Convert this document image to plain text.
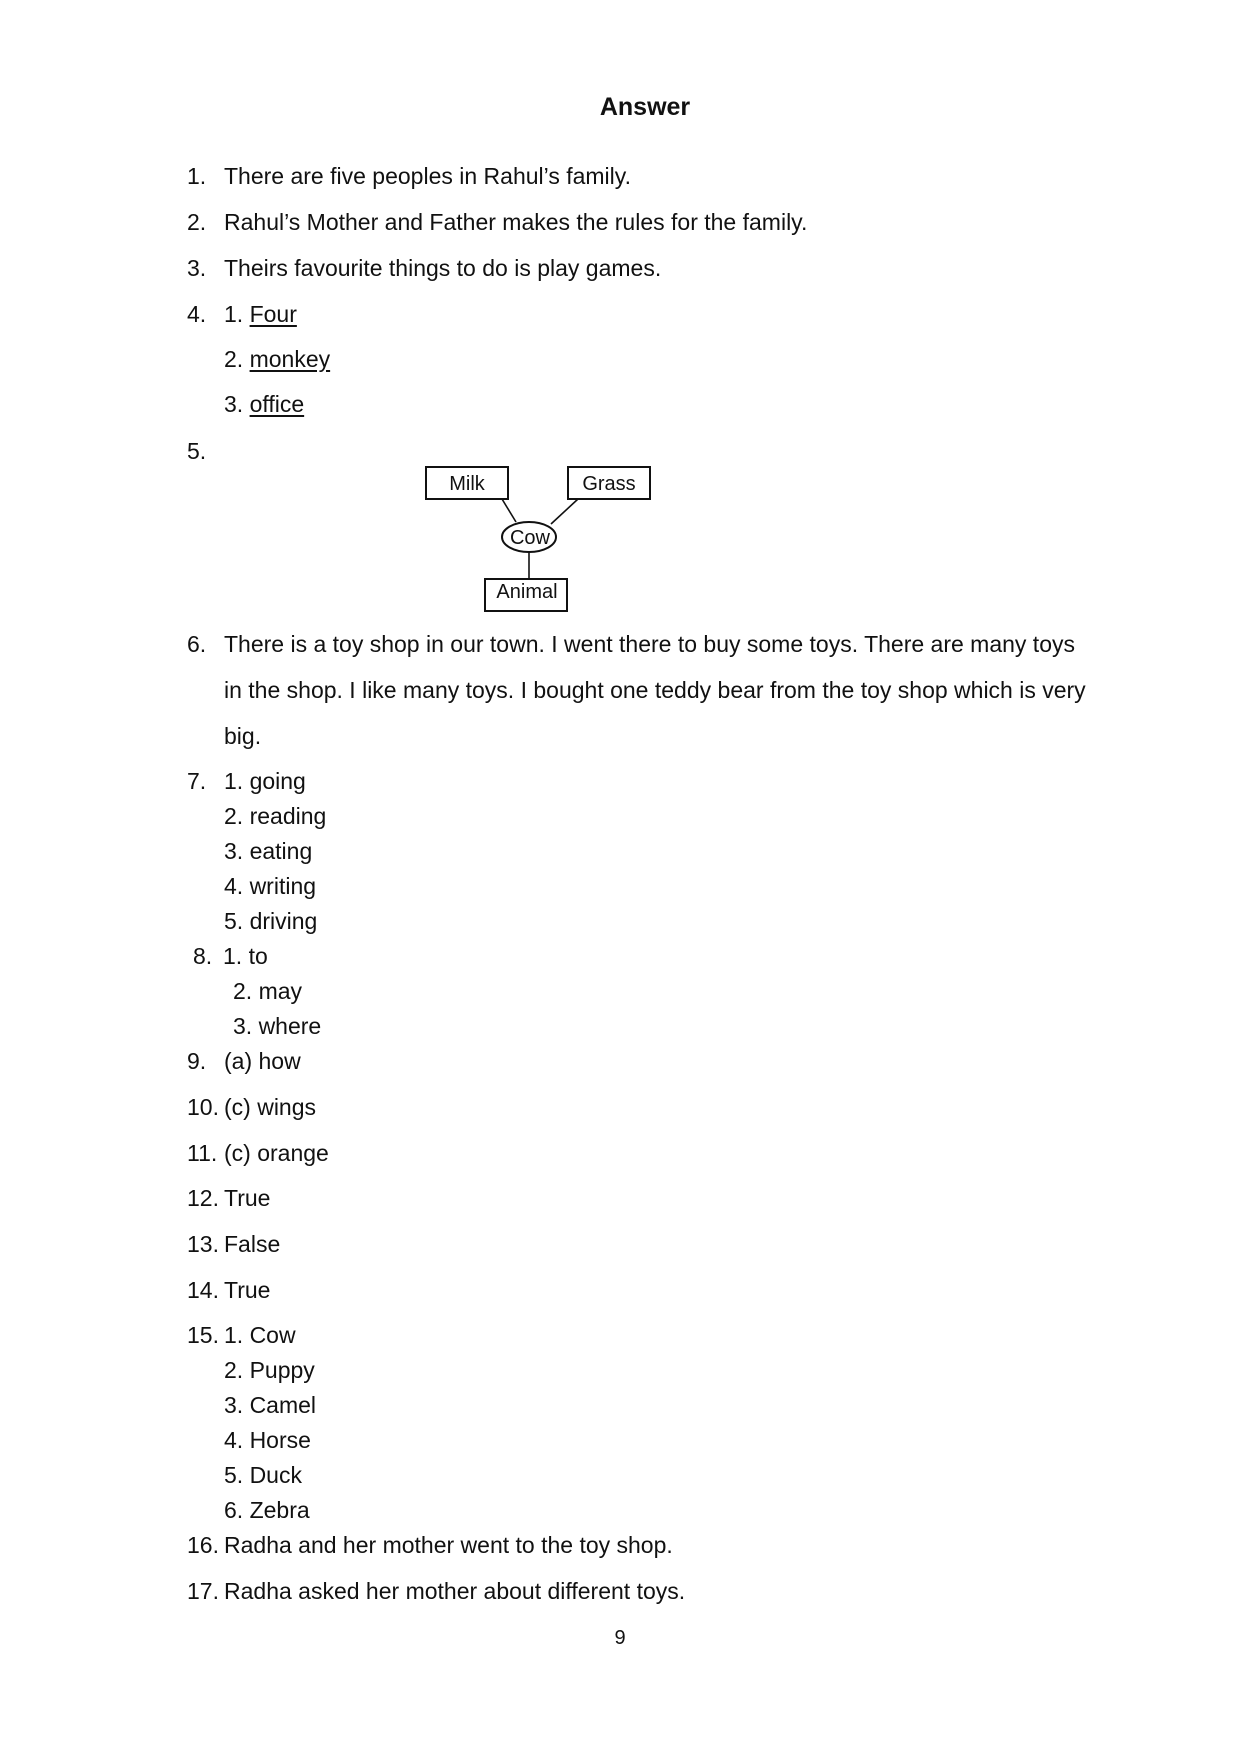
Answer
1. There are five peoples in Rahul’s family.
2. Rahul’s Mother and Father makes the rules for the family.
3. Theirs favourite things to do is play games.
4. 1. Four
2. monkey
3. office
5.
Milk	Grass
Cow
Animal
6. There is a toy shop in our town. I went there to buy some toys. There are many toys
in the shop. I like many toys. I bought one teddy bear from the toy shop which is very
big.
7. 1. going
2. reading
3. eating
4. writing
5. driving
8. 1. to
2. may
3. where
9. (a) how
10. (c) wings
11. (c) orange
12. True
13. False
14. True
15. 1. Cow
2. Puppy
3. Camel
4. Horse
5. Duck
6. Zebra
16. Radha and her mother went to the toy shop.
17. Radha asked her mother about different toys.
9
